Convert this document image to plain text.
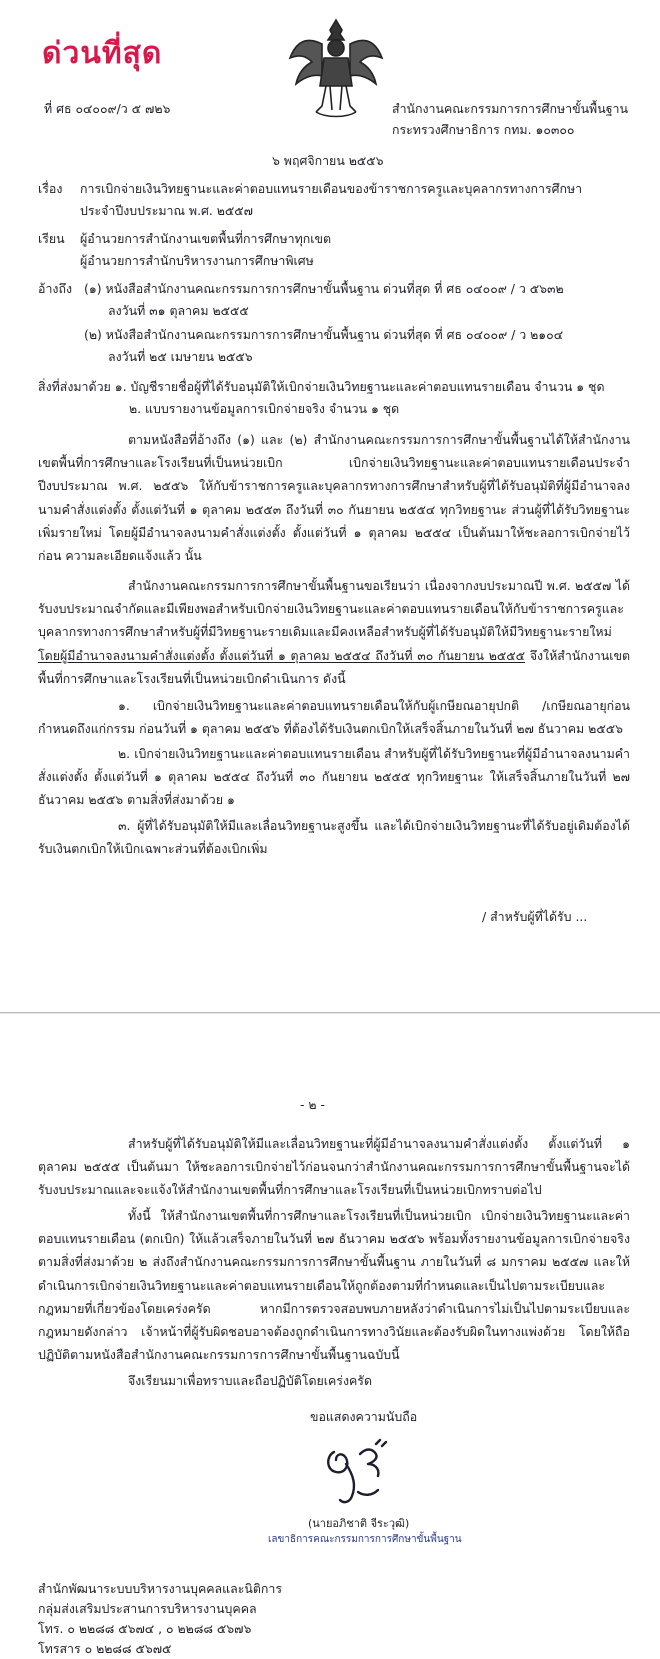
ด่วนที่สุด
ที่ ศธ ๐๔๐๐๙/ว ๕ ๗๒๖	สำนักงานคณะกรรมการการศึกษาขั้นพื้นฐาน
กระทรวงศึกษาธิการ กทม. ๑๐๓๐๐
๖ พฤศจิกายน ๒๕๕๖
เรื่อง การเบิกจ่ายเงินวิทยฐานะและค่าตอบแทนรายเดือนของข้าราชการครูและบุคลากรทางการศึกษา
ประจำปีงบประมาณ พ.ศ. ๒๕๕๗
เรียน ผู้อำนวยการสำนักงานเขตพื้นที่การศึกษาทุกเขต
ผู้อำนวยการสำนักบริหารงานการศึกษาพิเศษ
อ้างถึง (๑) หนังสือสำนักงานคณะกรรมการการศึกษาขั้นพื้นฐาน ด่วนที่สุด ที่ ศธ ๐๔๐๐๙ / ว ๕๖๓๒
ลงวันที่ ๓๑ ตุลาคม ๒๕๕๕
(๒) หนังสือสำนักงานคณะกรรมการการศึกษาขั้นพื้นฐาน ด่วนที่สุด ที่ ศธ ๐๔๐๐๙ / ว ๒๑๐๔
ลงวันที่ ๒๕ เมษายน ๒๕๕๖
สิ่งที่ส่งมาด้วย ๑. บัญชีรายชื่อผู้ที่ได้รับอนุมัติให้เบิกจ่ายเงินวิทยฐานะและค่าตอบแทนรายเดือน จำนวน ๑ ชุด
๒. แบบรายงานข้อมูลการเบิกจ่ายจริง จำนวน ๑ ชุด

ตามหนังสือที่อ้างถึง (๑) และ (๒) สำนักงานคณะกรรมการการศึกษาขั้นพื้นฐานได้ให้สำนักงานเขตพื้นที่การศึกษาและโรงเรียนที่เป็นหน่วยเบิก เบิกจ่ายเงินวิทยฐานะและค่าตอบแทนรายเดือนประจำปีงบประมาณ พ.ศ. ๒๕๕๖ ให้กับข้าราชการครูและบุคลากรทางการศึกษาสำหรับผู้ที่ได้รับอนุมัติที่ผู้มีอำนาจลงนามคำสั่งแต่งตั้ง ตั้งแต่วันที่ ๑ ตุลาคม ๒๕๕๓ ถึงวันที่ ๓๐ กันยายน ๒๕๕๔ ทุกวิทยฐานะ ส่วนผู้ที่ได้รับวิทยฐานะเพิ่มรายใหม่ โดยผู้มีอำนาจลงนามคำสั่งแต่งตั้ง ตั้งแต่วันที่ ๑ ตุลาคม ๒๕๕๔ เป็นต้นมาให้ชะลอการเบิกจ่ายไว้ก่อน ความละเอียดแจ้งแล้ว นั้น

สำนักงานคณะกรรมการการศึกษาขั้นพื้นฐานขอเรียนว่า เนื่องจากงบประมาณปี พ.ศ. ๒๕๕๗ ได้รับงบประมาณจำกัดและมีเพียงพอสำหรับเบิกจ่ายเงินวิทยฐานะและค่าตอบแทนรายเดือนให้กับข้าราชการครูและบุคลากรทางการศึกษาสำหรับผู้ที่มีวิทยฐานะรายเดิมและมีคงเหลือสำหรับผู้ที่ได้รับอนุมัติให้มีวิทยฐานะรายใหม่ โดยผู้มีอำนาจลงนามคำสั่งแต่งตั้ง ตั้งแต่วันที่ ๑ ตุลาคม ๒๕๕๔ ถึงวันที่ ๓๐ กันยายน ๒๕๕๕ จึงให้สำนักงานเขตพื้นที่การศึกษาและโรงเรียนที่เป็นหน่วยเบิกดำเนินการ ดังนี้

๑. เบิกจ่ายเงินวิทยฐานะและค่าตอบแทนรายเดือนให้กับผู้เกษียณอายุปกติ /เกษียณอายุก่อนกำหนดถึงแก่กรรม ก่อนวันที่ ๑ ตุลาคม ๒๕๕๖ ที่ต้องได้รับเงินตกเบิกให้เสร็จสิ้นภายในวันที่ ๒๗ ธันวาคม ๒๕๕๖

๒. เบิกจ่ายเงินวิทยฐานะและค่าตอบแทนรายเดือน สำหรับผู้ที่ได้รับวิทยฐานะที่ผู้มีอำนาจลงนามคำสั่งแต่งตั้ง ตั้งแต่วันที่ ๑ ตุลาคม ๒๕๕๔ ถึงวันที่ ๓๐ กันยายน ๒๕๕๕ ทุกวิทยฐานะ ให้เสร็จสิ้นภายในวันที่ ๒๗ ธันวาคม ๒๕๕๖ ตามสิ่งที่ส่งมาด้วย ๑

๓. ผู้ที่ได้รับอนุมัติให้มีและเลื่อนวิทยฐานะสูงขึ้น และได้เบิกจ่ายเงินวิทยฐานะที่ได้รับอยู่เดิมต้องได้รับเงินตกเบิกให้เบิกเฉพาะส่วนที่ต้องเบิกเพิ่ม

/ สำหรับผู้ที่ได้รับ ...
- ๒ -

สำหรับผู้ที่ได้รับอนุมัติให้มีและเลื่อนวิทยฐานะที่ผู้มีอำนาจลงนามคำสั่งแต่งตั้ง ตั้งแต่วันที่ ๑ ตุลาคม ๒๕๕๕ เป็นต้นมา ให้ชะลอการเบิกจ่ายไว้ก่อนจนกว่าสำนักงานคณะกรรมการการศึกษาขั้นพื้นฐานจะได้รับงบประมาณและจะแจ้งให้สำนักงานเขตพื้นที่การศึกษาและโรงเรียนที่เป็นหน่วยเบิกทราบต่อไป

ทั้งนี้ ให้สำนักงานเขตพื้นที่การศึกษาและโรงเรียนที่เป็นหน่วยเบิก เบิกจ่ายเงินวิทยฐานะและค่าตอบแทนรายเดือน (ตกเบิก) ให้แล้วเสร็จภายในวันที่ ๒๗ ธันวาคม ๒๕๕๖ พร้อมทั้งรายงานข้อมูลการเบิกจ่ายจริง ตามสิ่งที่ส่งมาด้วย ๒ ส่งถึงสำนักงานคณะกรรมการการศึกษาขั้นพื้นฐาน ภายในวันที่ ๘ มกราคม ๒๕๕๗ และให้ดำเนินการเบิกจ่ายเงินวิทยฐานะและค่าตอบแทนรายเดือนให้ถูกต้องตามที่กำหนดและเป็นไปตามระเบียบและกฎหมายที่เกี่ยวข้องโดยเคร่งครัด หากมีการตรวจสอบพบภายหลังว่าดำเนินการไม่เป็นไปตามระเบียบและกฎหมายดังกล่าว เจ้าหน้าที่ผู้รับผิดชอบอาจต้องถูกดำเนินการทางวินัยและต้องรับผิดในทางแพ่งด้วย โดยให้ถือปฏิบัติตามหนังสือสำนักงานคณะกรรมการการศึกษาขั้นพื้นฐานฉบับนี้

จึงเรียนมาเพื่อทราบและถือปฏิบัติโดยเคร่งครัด
ขอแสดงความนับถือ
(นายอภิชาติ จีระวุฒิ)
เลขาธิการคณะกรรมการการศึกษาขั้นพื้นฐาน
สำนักพัฒนาระบบบริหารงานบุคคลและนิติการ
กลุ่มส่งเสริมประสานการบริหารงานบุคคล
โทร. ๐ ๒๒๘๘ ๕๖๗๔ , ๐ ๒๒๘๘ ๕๖๗๖
โทรสาร ๐ ๒๒๘๘ ๕๖๗๕
